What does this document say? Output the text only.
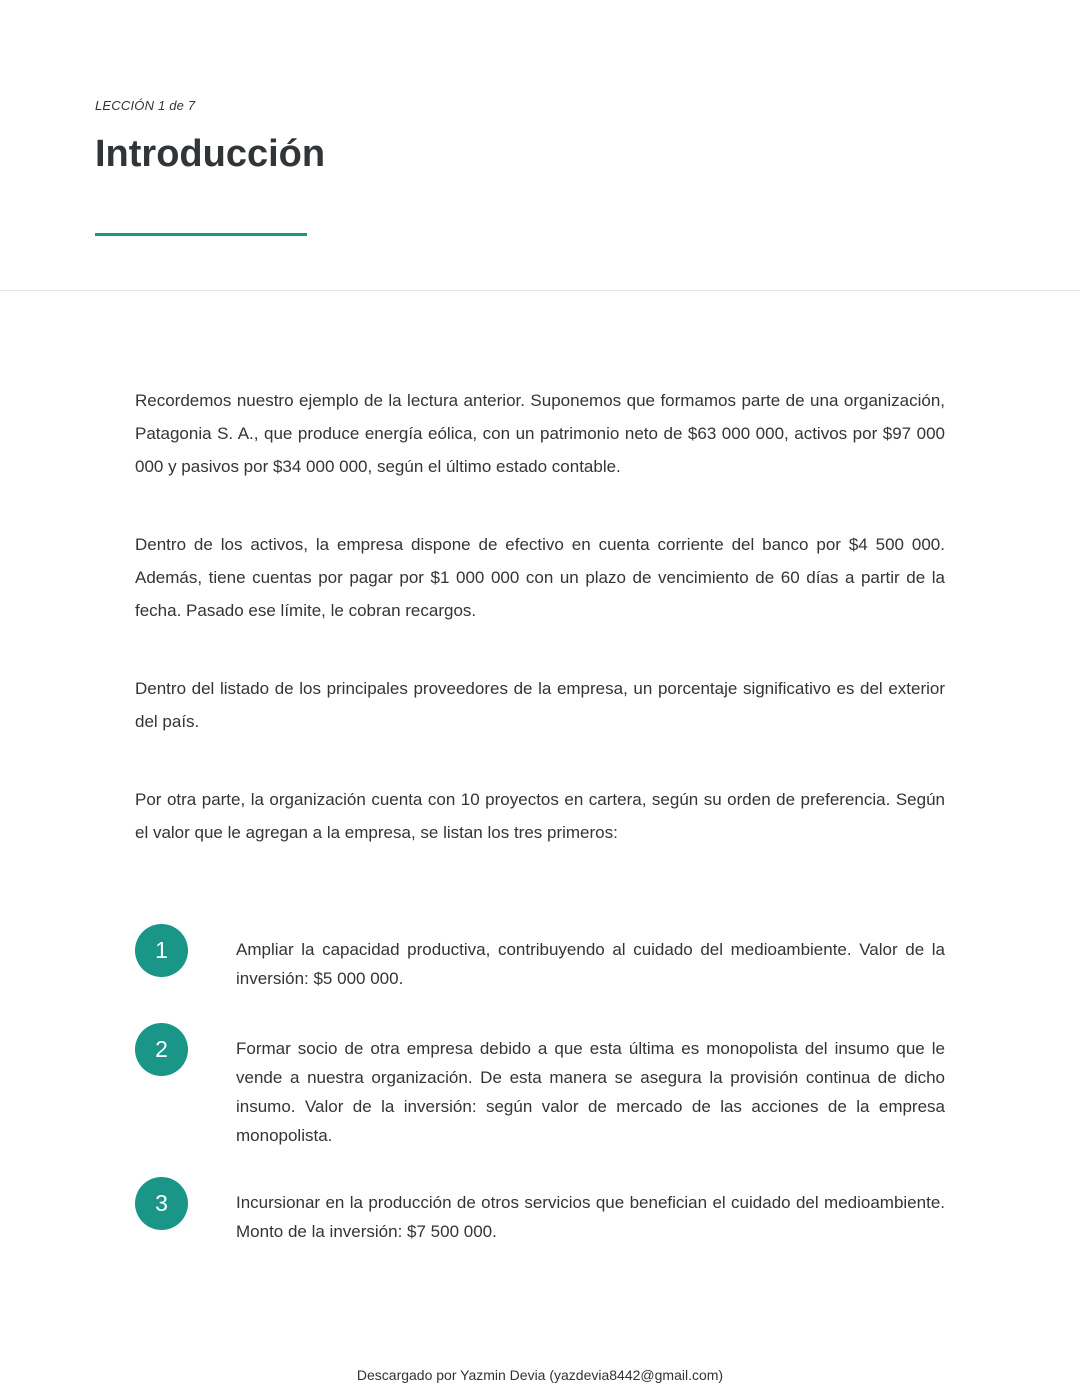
LECCIÓN 1 de 7
Introducción

Recordemos nuestro ejemplo de la lectura anterior. Suponemos que formamos parte de una organización, Patagonia S. A., que produce energía eólica, con un patrimonio neto de $63 000 000, activos por $97 000 000 y pasivos por $34 000 000, según el último estado contable.

Dentro de los activos, la empresa dispone de efectivo en cuenta corriente del banco por $4 500 000. Además, tiene cuentas por pagar por $1 000 000 con un plazo de vencimiento de 60 días a partir de la fecha. Pasado ese límite, le cobran recargos.

Dentro del listado de los principales proveedores de la empresa, un porcentaje significativo es del exterior del país.

Por otra parte, la organización cuenta con 10 proyectos en cartera, según su orden de preferencia. Según el valor que le agregan a la empresa, se listan los tres primeros:

1	Ampliar la capacidad productiva, contribuyendo al cuidado del medioambiente. Valor de la inversión: $5 000 000.

2	Formar socio de otra empresa debido a que esta última es monopolista del insumo que le vende a nuestra organización. De esta manera se asegura la provisión continua de dicho insumo. Valor de la inversión: según valor de mercado de las acciones de la empresa monopolista.

3	Incursionar en la producción de otros servicios que benefician el cuidado del medioambiente. Monto de la inversión: $7 500 000.

Descargado por Yazmin Devia (yazdevia8442@gmail.com)
